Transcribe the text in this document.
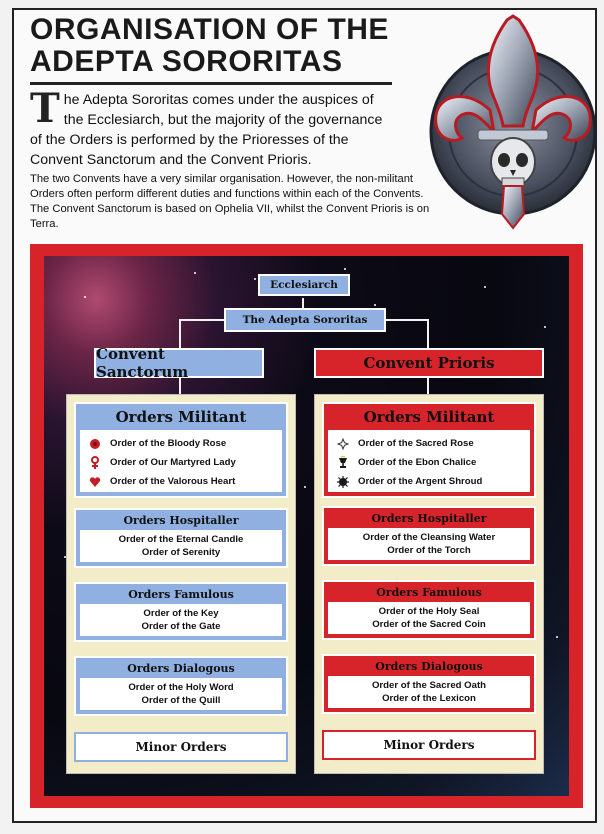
ORGANISATION OF THE
ADEPTA SORORITAS

The Adepta Sororitas comes under the auspices of the Ecclesiarch, but the majority of the governance of the Orders is performed by the Prioresses of the Convent Sanctorum and the Convent Prioris.

The two Convents have a very similar organisation. However, the non-militant Orders often perform different duties and functions within each of the Convents. The Convent Sanctorum is based on Ophelia VII, whilst the Convent Prioris is on Terra.

Ecclesiarch
The Adepta Sororitas
Convent Sanctorum	Convent Prioris
Orders Militant
Order of the Bloody Rose
Order of Our Martyred Lady
Order of the Valorous Heart
Orders Hospitaller
Order of the Eternal Candle
Order of Serenity
Orders Famulous
Order of the Key
Order of the Gate
Orders Dialogous
Order of the Holy Word
Order of the Quill
Minor Orders
Orders Militant
Order of the Sacred Rose
Order of the Ebon Chalice
Order of the Argent Shroud
Orders Hospitaller
Order of the Cleansing Water
Order of the Torch
Orders Famulous
Order of the Holy Seal
Order of the Sacred Coin
Orders Dialogous
Order of the Sacred Oath
Order of the Lexicon
Minor Orders
